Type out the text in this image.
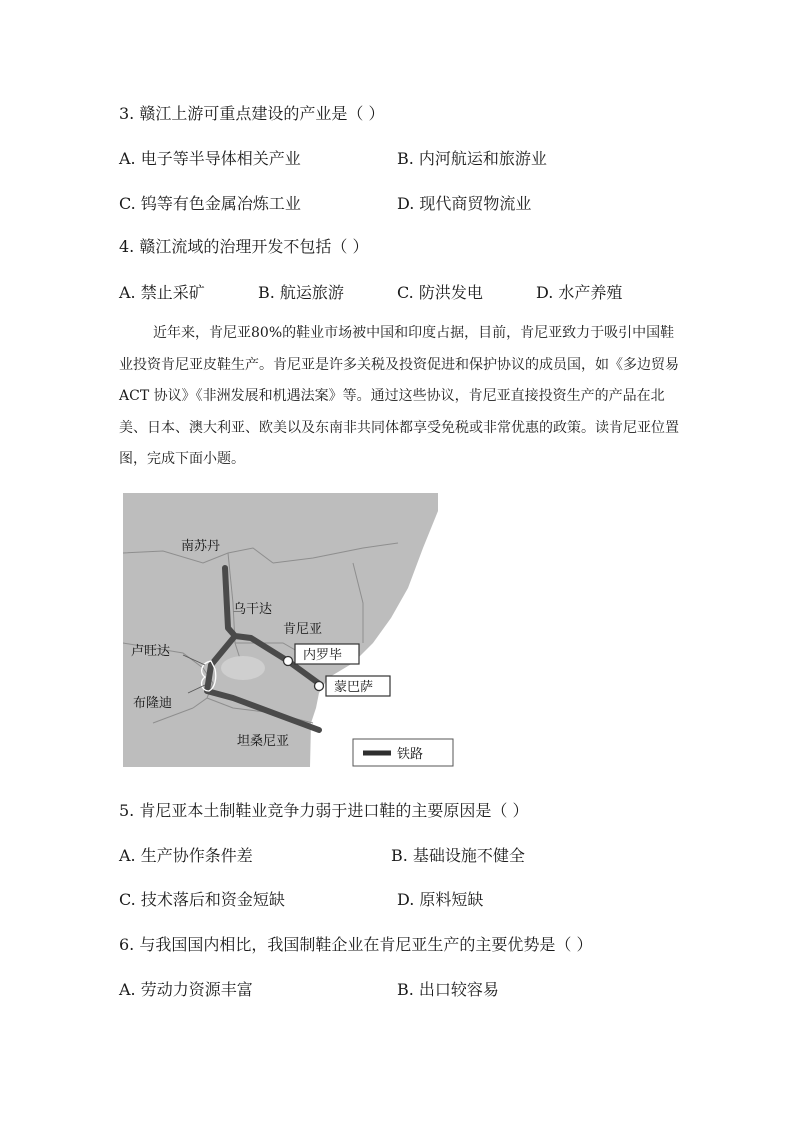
3. 赣江上游可重点建设的产业是（ ）
A. 电子等半导体相关产业	B. 内河航运和旅游业
C. 钨等有色金属冶炼工业	D. 现代商贸物流业
4. 赣江流域的治理开发不包括（ ）
A. 禁止采矿	B. 航运旅游	C. 防洪发电	D. 水产养殖
近年来，肯尼亚80%的鞋业市场被中国和印度占据，目前，肯尼亚致力于吸引中国鞋业投资肯尼亚皮鞋生产。肯尼亚是许多关税及投资促进和保护协议的成员国，如《多边贸易 ACT 协议》《非洲发展和机遇法案》等。通过这些协议，肯尼亚直接投资生产的产品在北美、日本、澳大利亚、欧美以及东南非共同体都享受免税或非常优惠的政策。读肯尼亚位置图，完成下面小题。
南苏丹
乌干达
肯尼亚
卢旺达
布隆迪
坦桑尼亚
内罗毕
蒙巴萨
铁路
5. 肯尼亚本土制鞋业竞争力弱于进口鞋的主要原因是（ ）
A. 生产协作条件差	B. 基础设施不健全
C. 技术落后和资金短缺	D. 原料短缺
6. 与我国国内相比，我国制鞋企业在肯尼亚生产的主要优势是（ ）
A. 劳动力资源丰富	B. 出口较容易
